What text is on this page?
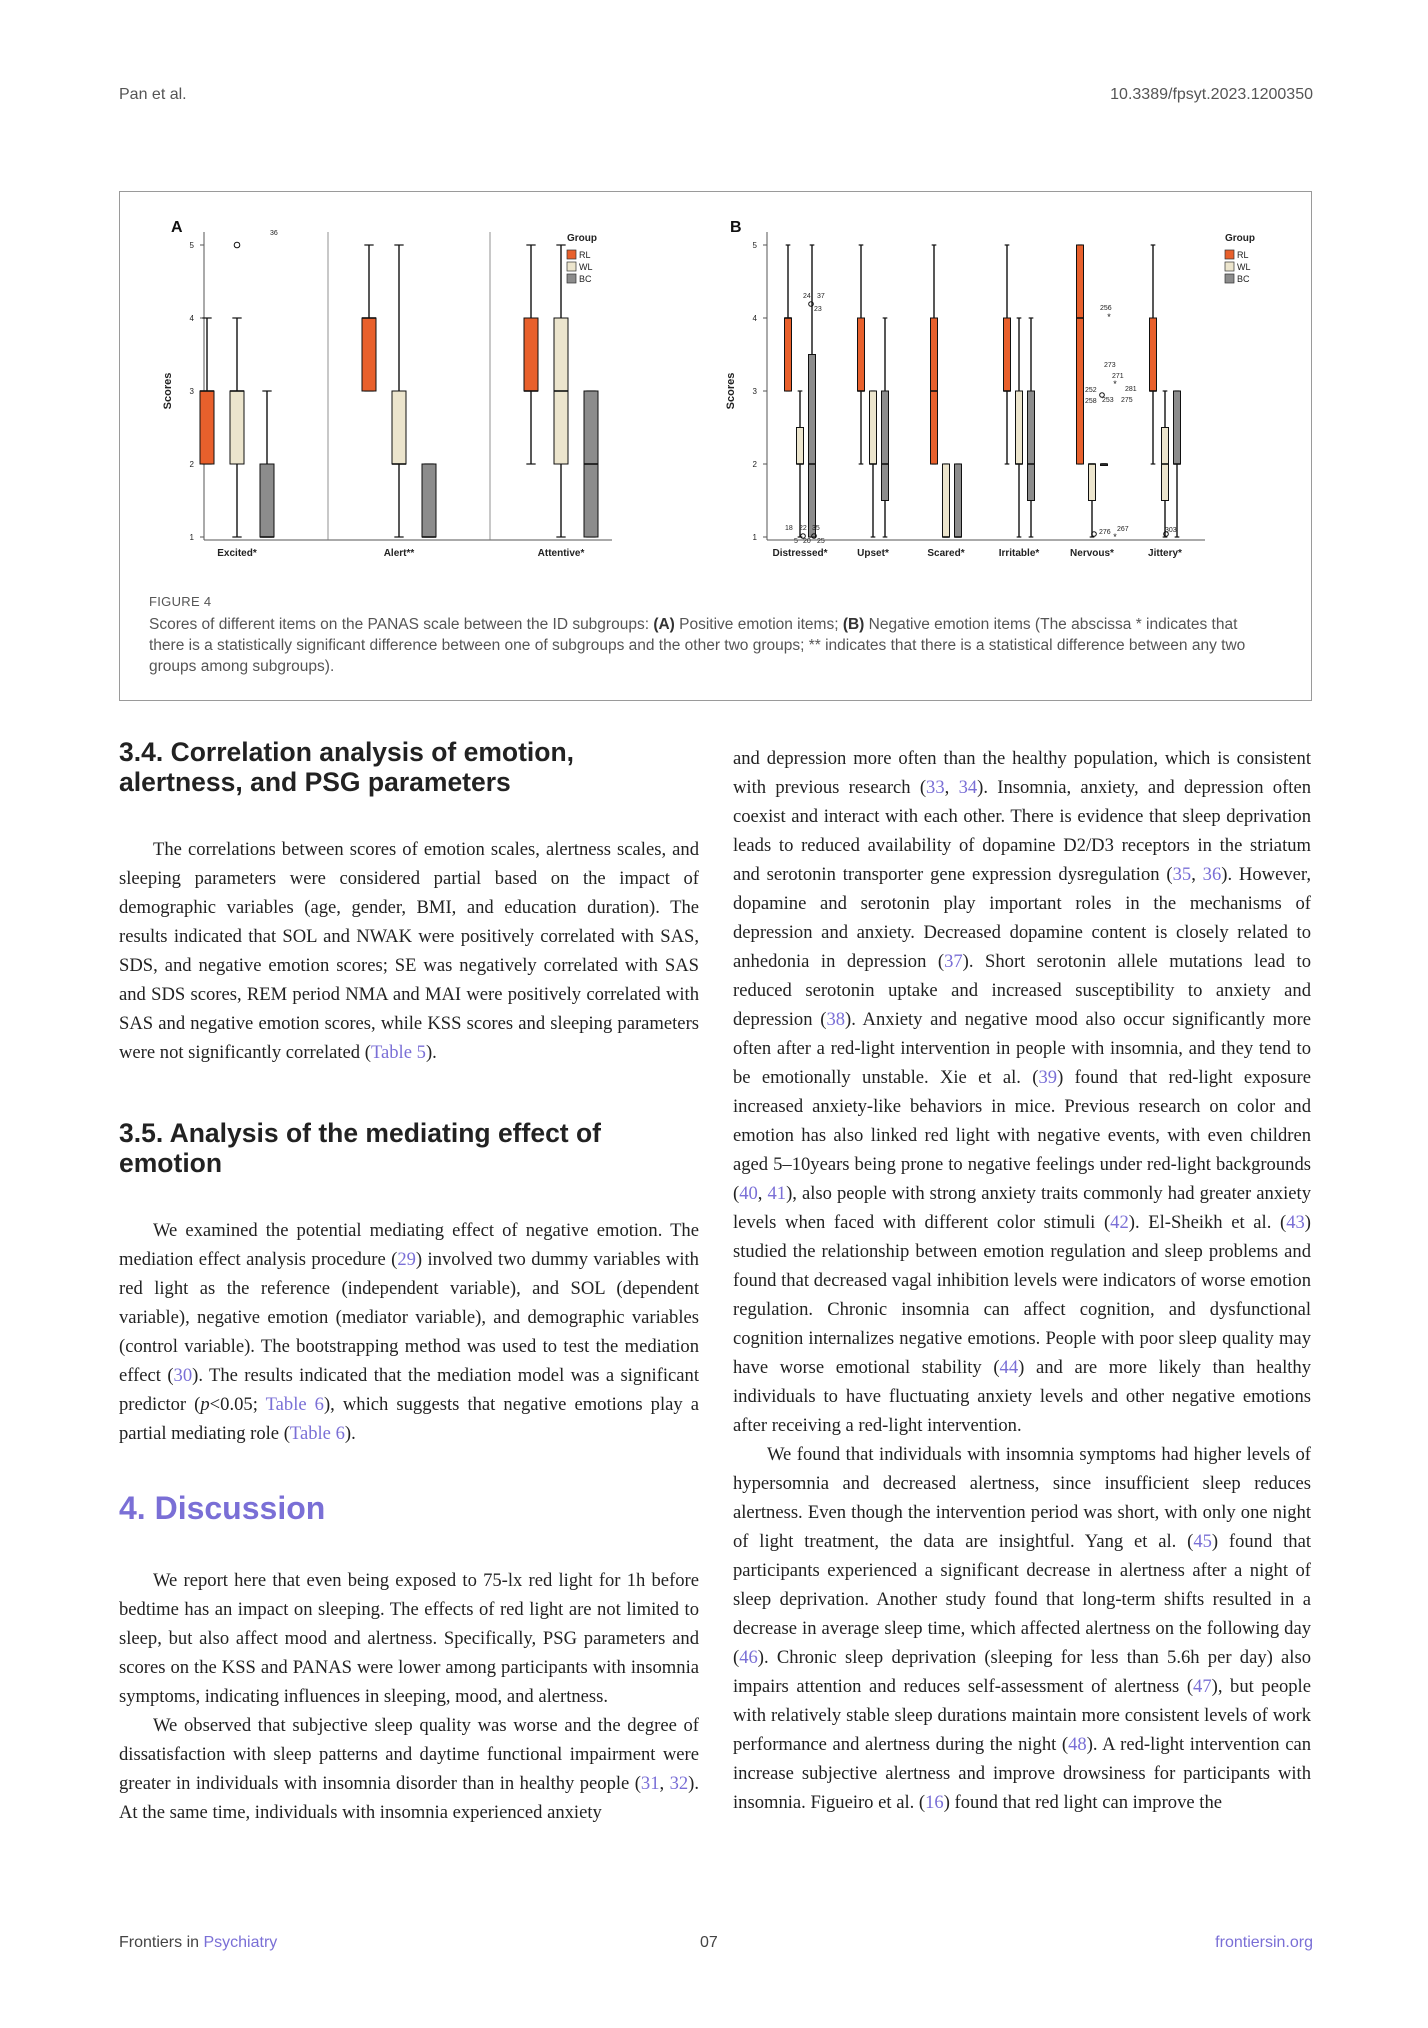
Pan et al.	10.3389/fpsyt.2023.1200350
A
1
2
3
4
5
Scores
Excited*	Alert**	Attentive*
36	Group
RL
WL
BC
B
1
2
3
4
5
Scores
Distressed*	Upset*	Scared*	Irritable*	Nervous*	Jittery*
24 37
23
18 22 35
5 20 25
256
273
271
252
258 253 275
281
276 267	303
*
*
*
Group
RL
WL
BC
FIGURE 4
Scores of different items on the PANAS scale between the ID subgroups: (A) Positive emotion items; (B) Negative emotion items (The abscissa * indicates that there is a statistically significant difference between one of subgroups and the other two groups; ** indicates that there is a statistical difference between any two groups among subgroups).
3.4. Correlation analysis of emotion, alertness, and PSG parameters

The correlations between scores of emotion scales, alertness scales, and sleeping parameters were considered partial based on the impact of demographic variables (age, gender, BMI, and education duration). The results indicated that SOL and NWAK were positively correlated with SAS, SDS, and negative emotion scores; SE was negatively correlated with SAS and SDS scores, REM period NMA and MAI were positively correlated with SAS and negative emotion scores, while KSS scores and sleeping parameters were not significantly correlated (Table 5).

3.5. Analysis of the mediating effect of emotion

We examined the potential mediating effect of negative emotion. The mediation effect analysis procedure (29) involved two dummy variables with red light as the reference (independent variable), and SOL (dependent variable), negative emotion (mediator variable), and demographic variables (control variable). The bootstrapping method was used to test the mediation effect (30). The results indicated that the mediation model was a significant predictor (p<0.05; Table 6), which suggests that negative emotions play a partial mediating role (Table 6).

4. Discussion

We report here that even being exposed to 75-lx red light for 1h before bedtime has an impact on sleeping. The effects of red light are not limited to sleep, but also affect mood and alertness. Specifically, PSG parameters and scores on the KSS and PANAS were lower among participants with insomnia symptoms, indicating influences in sleeping, mood, and alertness.

We observed that subjective sleep quality was worse and the degree of dissatisfaction with sleep patterns and daytime functional impairment were greater in individuals with insomnia disorder than in healthy people (31, 32). At the same time, individuals with insomnia experienced anxiety

and depression more often than the healthy population, which is consistent with previous research (33, 34). Insomnia, anxiety, and depression often coexist and interact with each other. There is evidence that sleep deprivation leads to reduced availability of dopamine D2/D3 receptors in the striatum and serotonin transporter gene expression dysregulation (35, 36). However, dopamine and serotonin play important roles in the mechanisms of depression and anxiety. Decreased dopamine content is closely related to anhedonia in depression (37). Short serotonin allele mutations lead to reduced serotonin uptake and increased susceptibility to anxiety and depression (38). Anxiety and negative mood also occur significantly more often after a red-light intervention in people with insomnia, and they tend to be emotionally unstable. Xie et al. (39) found that red-light exposure increased anxiety-like behaviors in mice. Previous research on color and emotion has also linked red light with negative events, with even children aged 5–10years being prone to negative feelings under red-light backgrounds (40, 41), also people with strong anxiety traits commonly had greater anxiety levels when faced with different color stimuli (42). El-Sheikh et al. (43) studied the relationship between emotion regulation and sleep problems and found that decreased vagal inhibition levels were indicators of worse emotion regulation. Chronic insomnia can affect cognition, and dysfunctional cognition internalizes negative emotions. People with poor sleep quality may have worse emotional stability (44) and are more likely than healthy individuals to have fluctuating anxiety levels and other negative emotions after receiving a red-light intervention.

We found that individuals with insomnia symptoms had higher levels of hypersomnia and decreased alertness, since insufficient sleep reduces alertness. Even though the intervention period was short, with only one night of light treatment, the data are insightful. Yang et al. (45) found that participants experienced a significant decrease in alertness after a night of sleep deprivation. Another study found that long-term shifts resulted in a decrease in average sleep time, which affected alertness on the following day (46). Chronic sleep deprivation (sleeping for less than 5.6h per day) also impairs attention and reduces self-assessment of alertness (47), but people with relatively stable sleep durations maintain more consistent levels of work performance and alertness during the night (48). A red-light intervention can increase subjective alertness and improve drowsiness for participants with insomnia. Figueiro et al. (16) found that red light can improve the

Frontiers in Psychiatry	07	frontiersin.org
